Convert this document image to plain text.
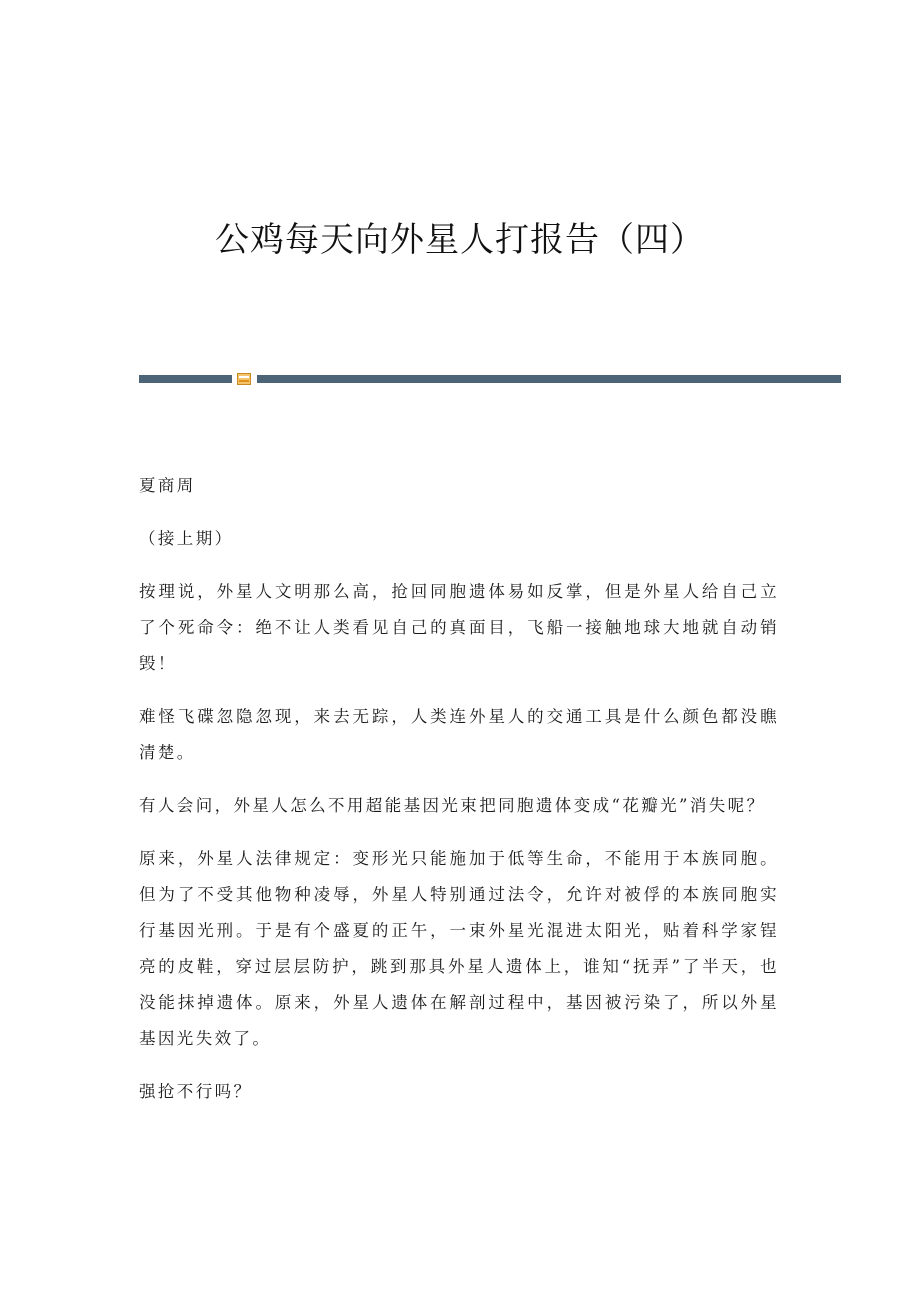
公鸡每天向外星人打报告（四）

夏商周

（接上期）

按理说，外星人文明那么高，抢回同胞遗体易如反掌，但是外星人给自己立了个死命令：绝不让人类看见自己的真面目，飞船一接触地球大地就自动销毁！

难怪飞碟忽隐忽现，来去无踪，人类连外星人的交通工具是什么颜色都没瞧清楚。

有人会问，外星人怎么不用超能基因光束把同胞遗体变成“花瓣光”消失呢？

原来，外星人法律规定：变形光只能施加于低等生命，不能用于本族同胞。但为了不受其他物种凌辱，外星人特别通过法令，允许对被俘的本族同胞实行基因光刑。于是有个盛夏的正午，一束外星光混进太阳光，贴着科学家锃亮的皮鞋，穿过层层防护，跳到那具外星人遗体上，谁知“抚弄”了半天，也没能抹掉遗体。原来，外星人遗体在解剖过程中，基因被污染了，所以外星基因光失效了。

强抢不行吗？
